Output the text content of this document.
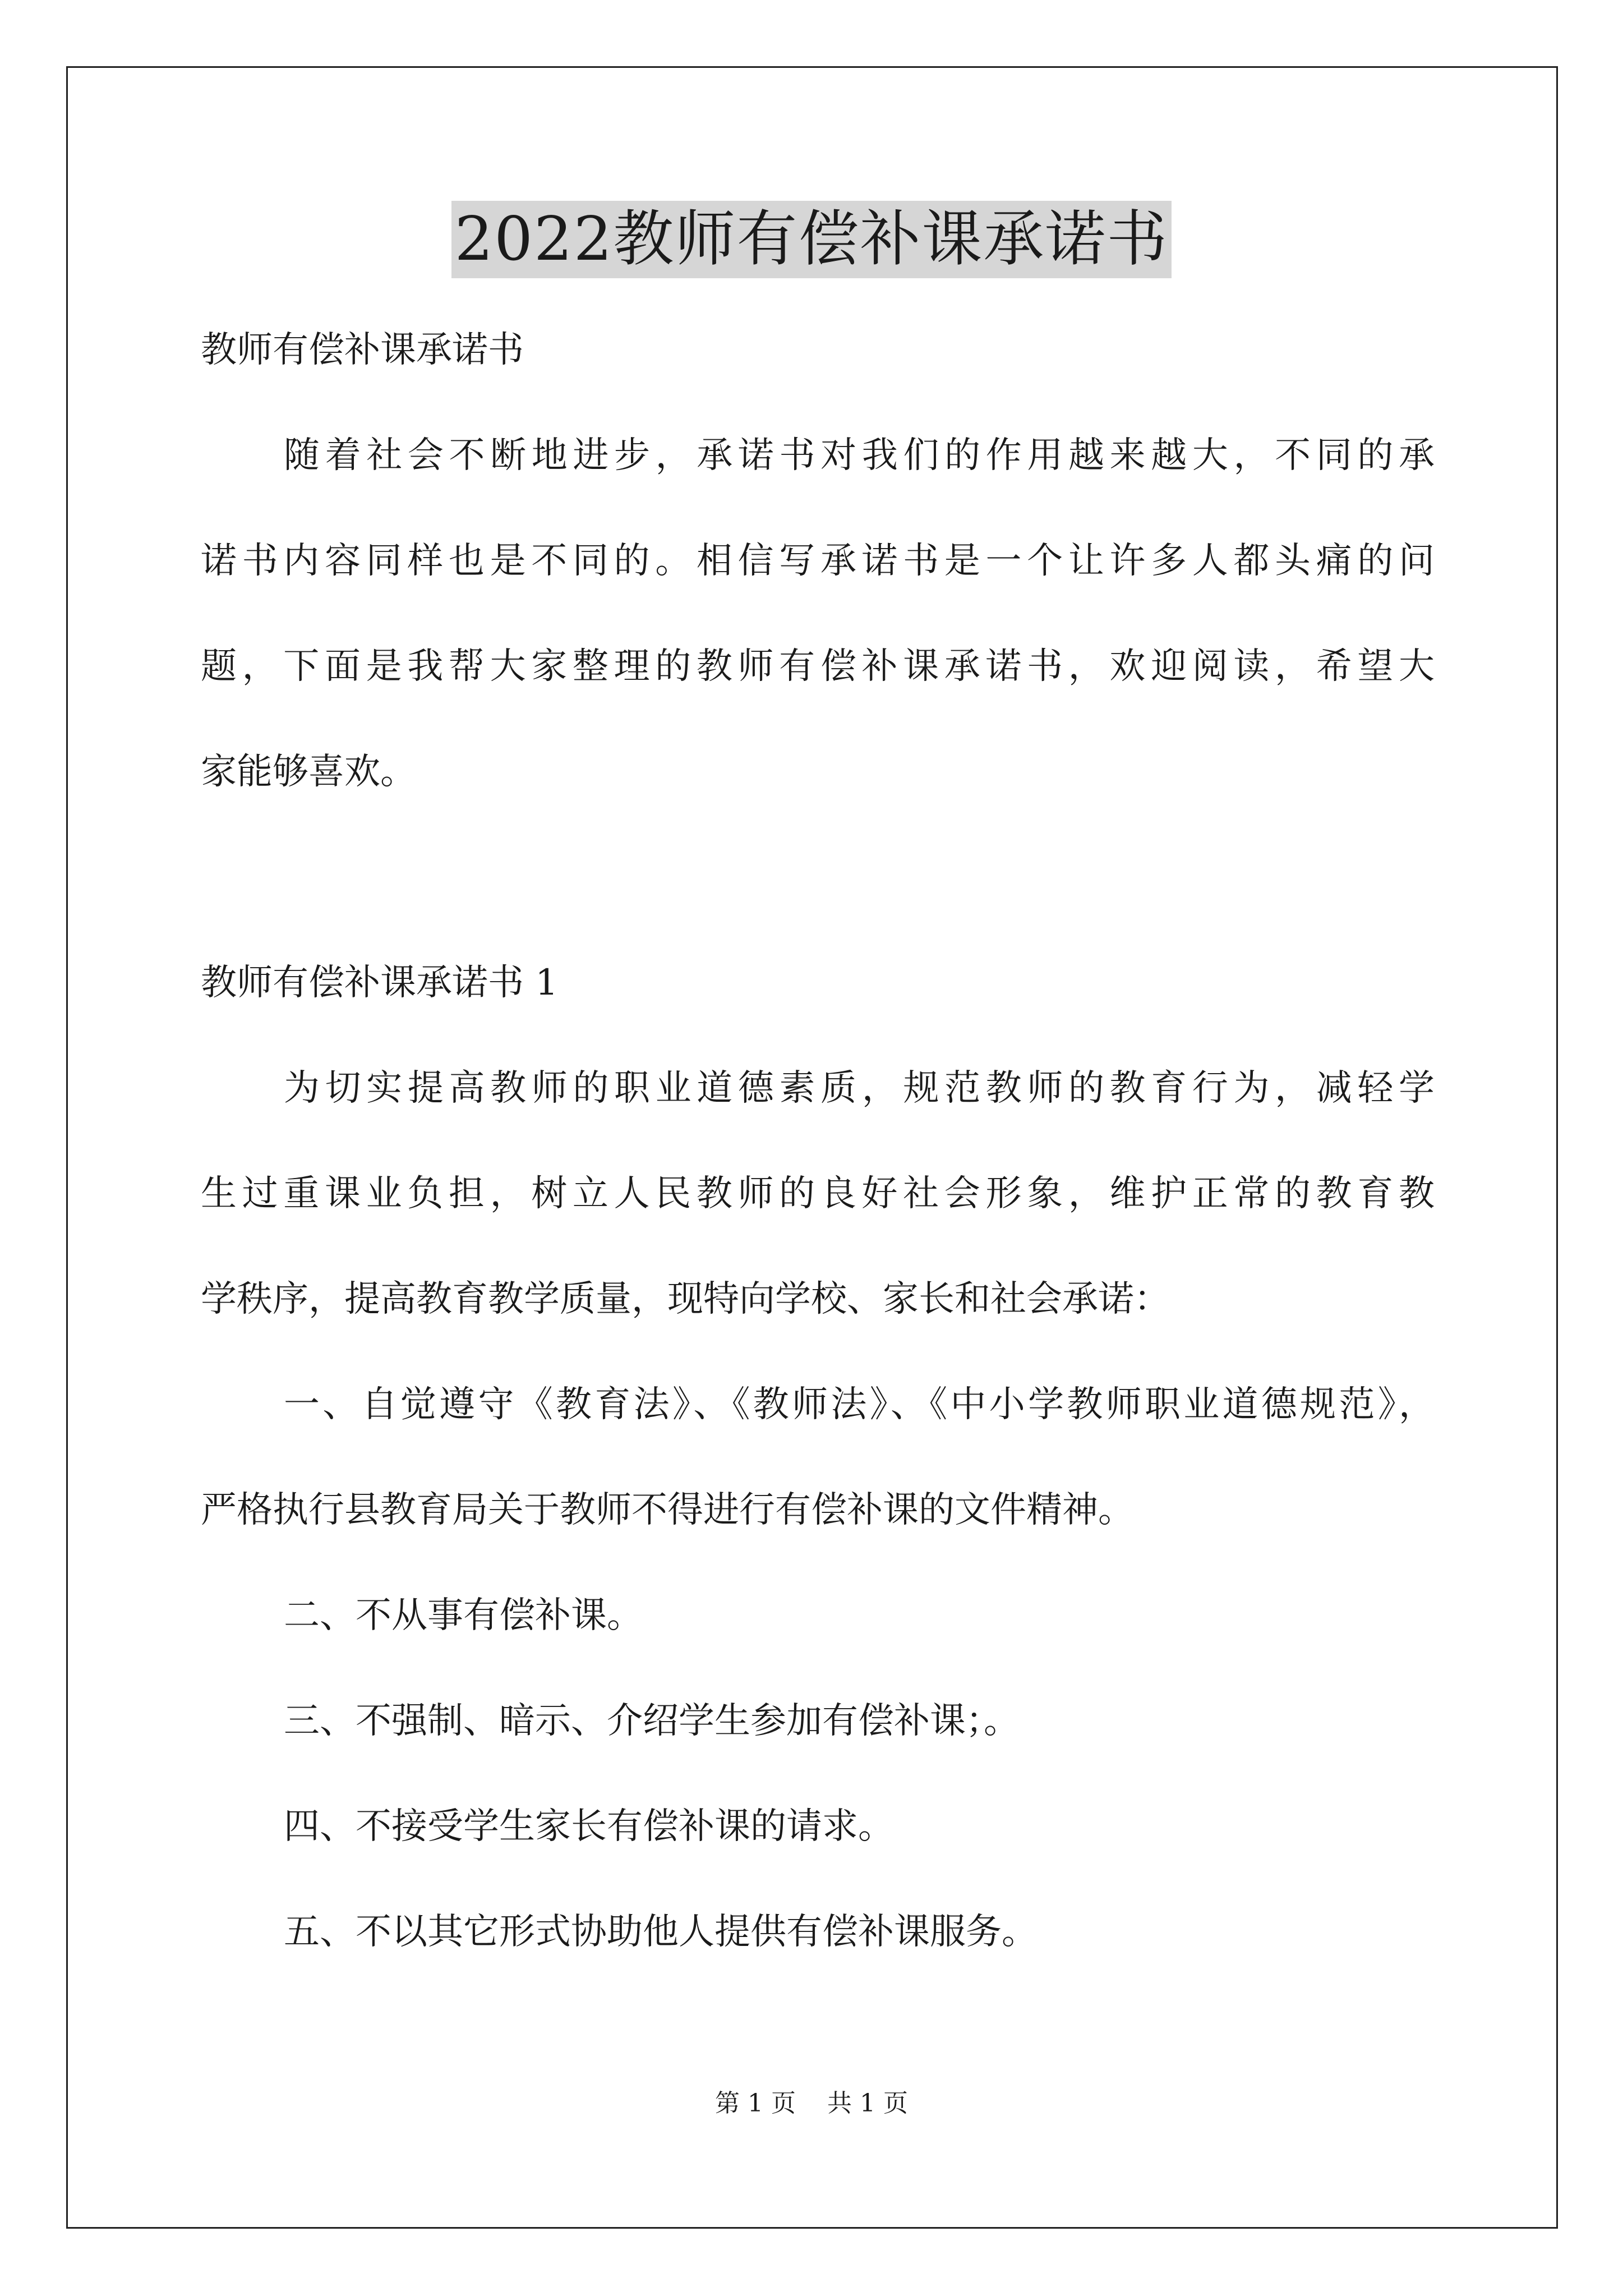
2022教师有偿补课承诺书
教师有偿补课承诺书
随着社会不断地进步，承诺书对我们的作用越来越大，不同的承
诺书内容同样也是不同的。相信写承诺书是一个让许多人都头痛的问
题，下面是我帮大家整理的教师有偿补课承诺书，欢迎阅读，希望大
家能够喜欢。
教师有偿补课承诺书 1
为切实提高教师的职业道德素质，规范教师的教育行为，减轻学
生过重课业负担，树立人民教师的良好社会形象，维护正常的教育教
学秩序，提高教育教学质量，现特向学校、家长和社会承诺：
一、自觉遵守《教育法》、《教师法》、《中小学教师职业道德规范》，
严格执行县教育局关于教师不得进行有偿补课的文件精神。
二、不从事有偿补课。
三、不强制、暗示、介绍学生参加有偿补课；。
四、不接受学生家长有偿补课的请求。
五、不以其它形式协助他人提供有偿补课服务。
第 1 页 共 1 页
